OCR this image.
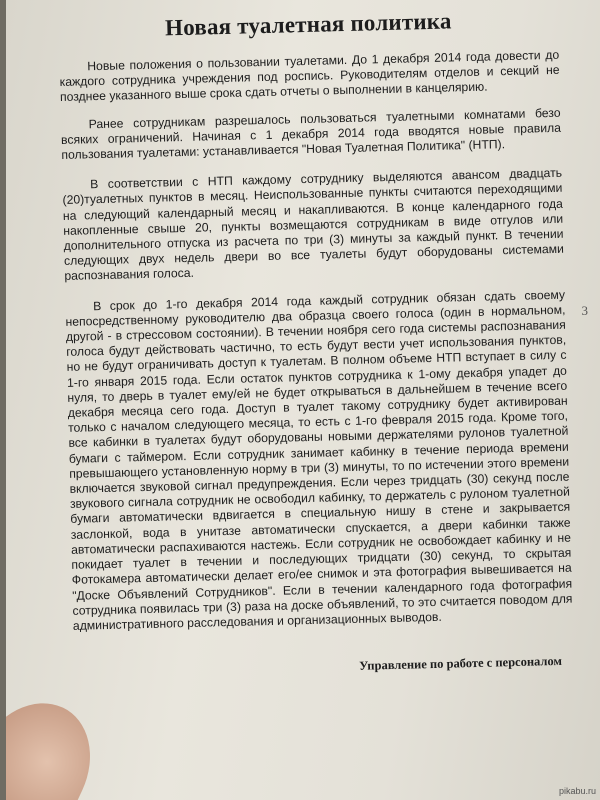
Новая туалетная политика

Новые положения о пользовании туалетами. До 1 декабря 2014 года довести до каждого сотрудника учреждения под роспись. Руководителям отделов и секций не позднее указанного выше срока сдать отчеты о выполнении в канцелярию.

Ранее сотрудникам разрешалось пользоваться туалетными комнатами безо всяких ограничений. Начиная с 1 декабря 2014 года вводятся новые правила пользования туалетами: устанавливается "Новая Туалетная Политика" (НТП).

В соответствии с НТП каждому сотруднику выделяются авансом двадцать (20)туалетных пунктов в месяц. Неиспользованные пункты считаются переходящими на следующий календарный месяц и накапливаются. В конце календарного года накопленные свыше 20, пункты возмещаются сотрудникам в виде отгулов или дополнительного отпуска из расчета по три (3) минуты за каждый пункт. В течении следующих двух недель двери во все туалеты будут оборудованы системами распознавания голоса.

В срок до 1-го декабря 2014 года каждый сотрудник обязан сдать своему непосредственному руководителю два образца своего голоса (один в нормальном, другой - в стрессовом состоянии). В течении ноября сего года системы распознавания голоса будут действовать частично, то есть будут вести учет использования пунктов, но не будут ограничивать доступ к туалетам. В полном объеме НТП вступает в силу с 1-го января 2015 года. Если остаток пунктов сотрудника к 1-ому декабря упадет до нуля, то дверь в туалет ему/ей не будет открываться в дальнейшем в течение всего декабря месяца сего года. Доступ в туалет такому сотруднику будет активирован только с началом следующего месяца, то есть с 1-го февраля 2015 года. Кроме того, все кабинки в туалетах будут оборудованы новыми держателями рулонов туалетной бумаги с таймером. Если сотрудник занимает кабинку в течение периода времени превышающего установленную норму в три (3) минуты, то по истечении этого времени включается звуковой сигнал предупреждения. Если через тридцать (30) секунд после звукового сигнала сотрудник не освободил кабинку, то держатель с рулоном туалетной бумаги автоматически вдвигается в специальную нишу в стене и закрывается заслонкой, вода в унитазе автоматически спускается, а двери кабинки также автоматически распахиваются настежь. Если сотрудник не освобождает кабинку и не покидает туалет в течении и последующих тридцати (30) секунд, то скрытая Фотокамера автоматически делает его/ее снимок и эта фотография вывешивается на "Доске Объявлений Сотрудников". Если в течении календарного года фотография сотрудника появилась три (3) раза на доске объявлений, то это считается поводом для административного расследования и организационных выводов.

Управление по работе с персоналом
3
pikabu.ru
